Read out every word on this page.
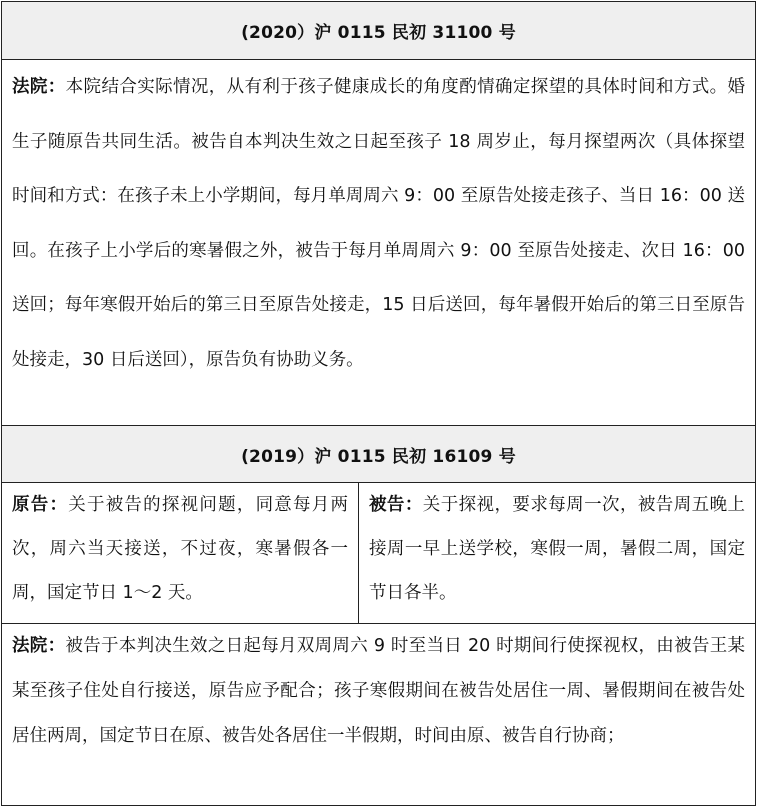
(2020）沪 0115 民初 31100 号
法院：本院结合实际情况，从有利于孩子健康成长的角度酌情确定探望的具体时间和方式。婚生子随原告共同生活。被告自本判决生效之日起至孩子 18 周岁止，每月探望两次（具体探望时间和方式：在孩子未上小学期间，每月单周周六 9：00 至原告处接走孩子、当日 16：00 送回。在孩子上小学后的寒暑假之外，被告于每月单周周六 9：00 至原告处接走、次日 16：00 送回；每年寒假开始后的第三日至原告处接走，15 日后送回，每年暑假开始后的第三日至原告处接走，30 日后送回），原告负有协助义务。
(2019）沪 0115 民初 16109 号
原告：关于被告的探视问题，同意每月两次，周六当天接送，不过夜，寒暑假各一周，国定节日 1～2 天。
被告：关于探视，要求每周一次，被告周五晚上接周一早上送学校，寒假一周，暑假二周，国定节日各半。
法院：被告于本判决生效之日起每月双周周六 9 时至当日 20 时期间行使探视权，由被告王某某至孩子住处自行接送，原告应予配合；孩子寒假期间在被告处居住一周、暑假期间在被告处居住两周，国定节日在原、被告处各居住一半假期，时间由原、被告自行协商；
